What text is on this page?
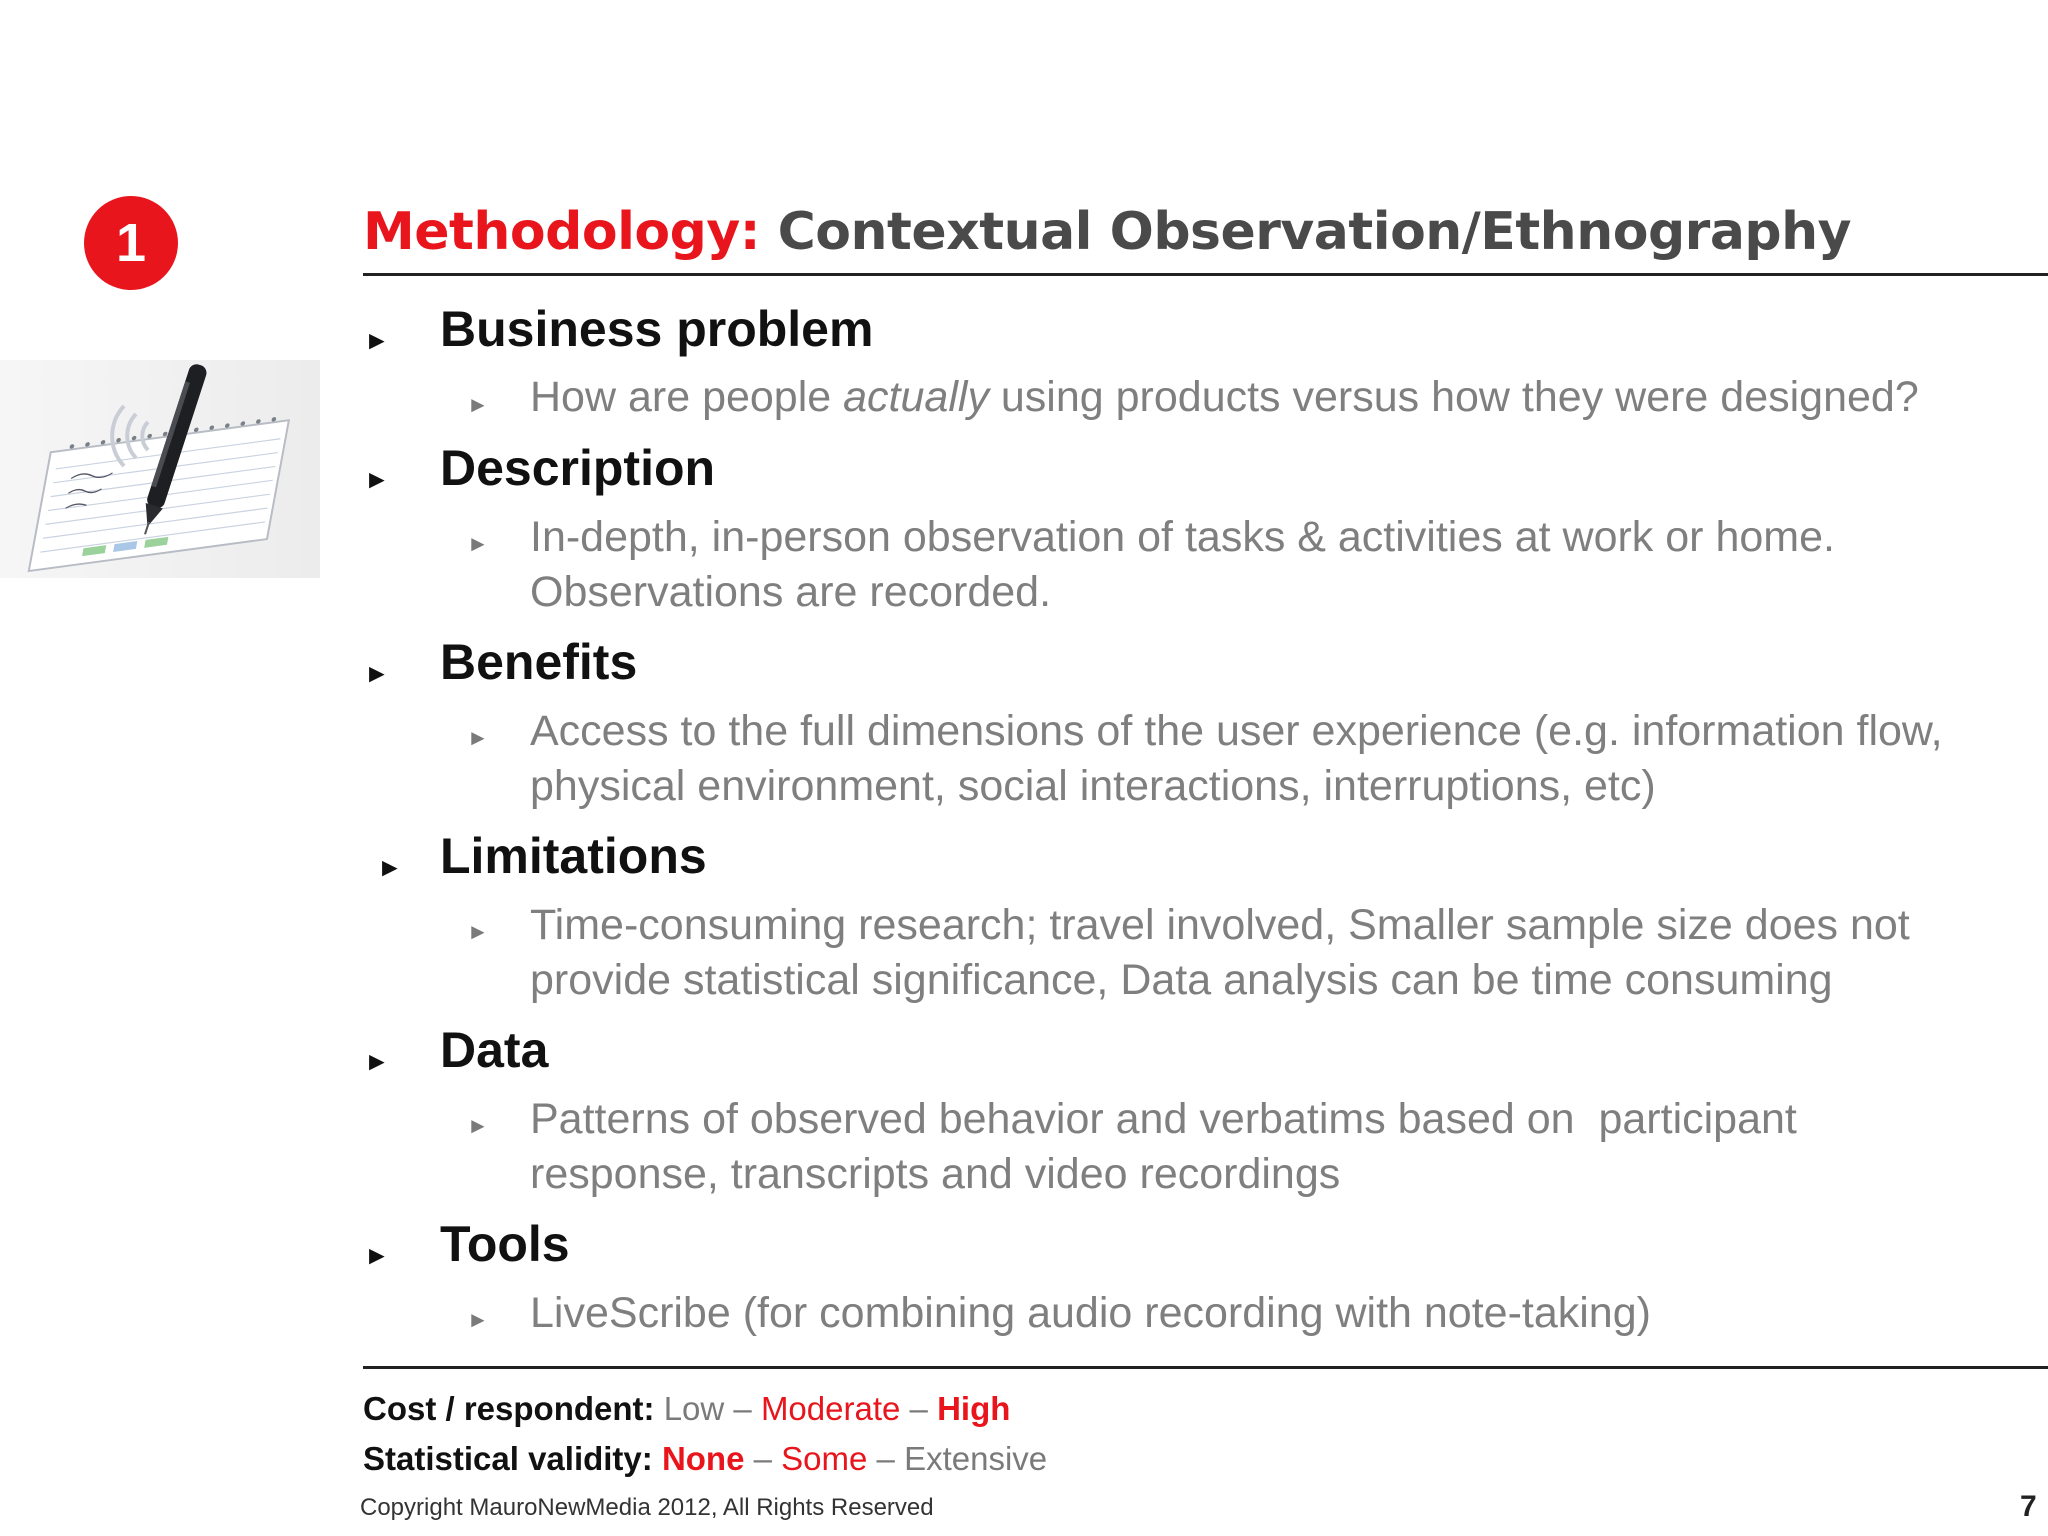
1	Methodology: Contextual Observation/Ethnography
► Business problem
► How are people actually using products versus how they were designed?
► Description
► In-depth, in-person observation of tasks & activities at work or home.
Observations are recorded.
► Benefits
► Access to the full dimensions of the user experience (e.g. information flow,
physical environment, social interactions, interruptions, etc)
► Limitations
► Time-consuming research; travel involved, Smaller sample size does not
provide statistical significance, Data analysis can be time consuming
► Data
► Patterns of observed behavior and verbatims based on  participant
response, transcripts and video recordings
► Tools
► LiveScribe (for combining audio recording with note-taking)
Cost / respondent: Low – Moderate – High
Statistical validity: None – Some – Extensive
Copyright MauroNewMedia 2012, All Rights Reserved	7
